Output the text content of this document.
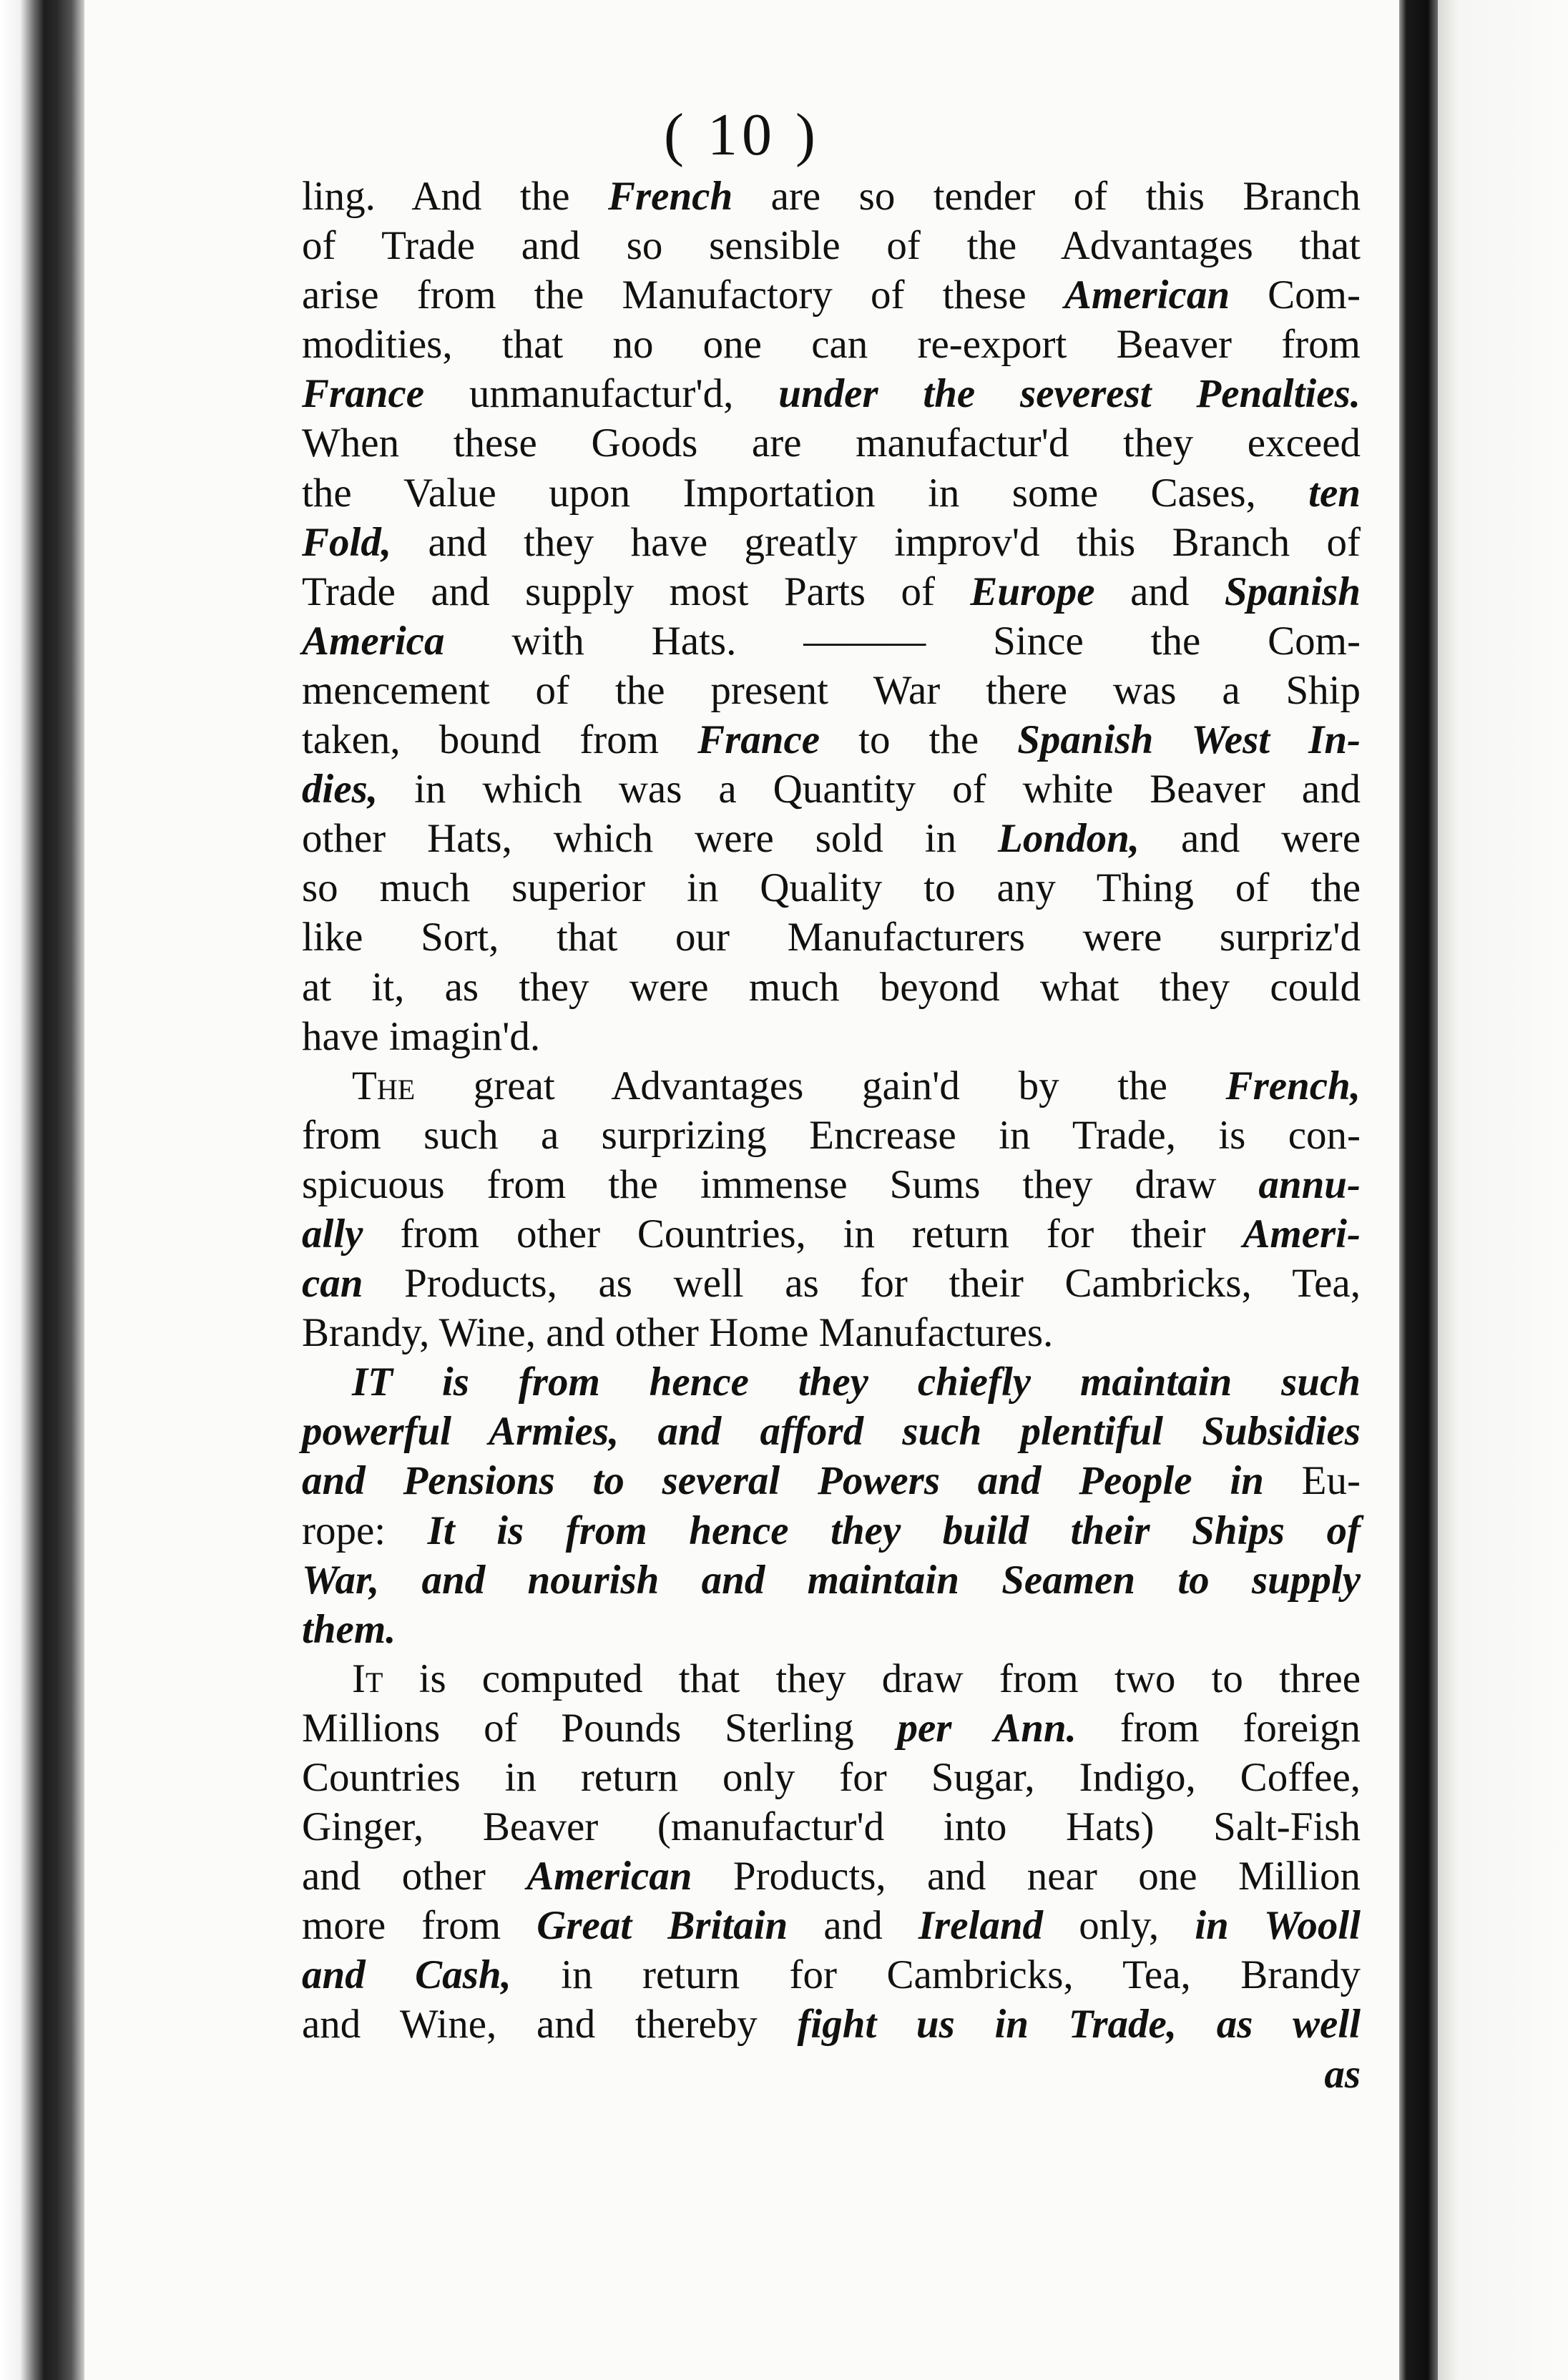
( 10 )
ling. And the French are so tender of this Branch
of Trade and so sensible of the Advantages that
arise from the Manufactory of these American Com-
modities, that no one can re-export Beaver from
France unmanufactur'd, under the severest Penalties.
When these Goods are manufactur'd they exceed
the Value upon Importation in some Cases, ten
Fold, and they have greatly improv'd this Branch of
Trade and supply most Parts of Europe and Spanish
America with Hats. ——— Since the Com-
mencement of the present War there was a Ship
taken, bound from France to the Spanish West In-
dies, in which was a Quantity of white Beaver and
other Hats, which were sold in London, and were
so much superior in Quality to any Thing of the
like Sort, that our Manufacturers were surpriz'd
at it, as they were much beyond what they could
have imagin'd.
The great Advantages gain'd by the French,
from such a surprizing Encrease in Trade, is con-
spicuous from the immense Sums they draw annu-
ally from other Countries, in return for their Ameri-
can Products, as well as for their Cambricks, Tea,
Brandy, Wine, and other Home Manufactures.
IT is from hence they chiefly maintain such
powerful Armies, and afford such plentiful Subsidies
and Pensions to several Powers and People in Eu-
rope: It is from hence they build their Ships of
War, and nourish and maintain Seamen to supply
them.
It is computed that they draw from two to three
Millions of Pounds Sterling per Ann. from foreign
Countries in return only for Sugar, Indigo, Coffee,
Ginger, Beaver (manufactur'd into Hats) Salt-Fish
and other American Products, and near one Million
more from Great Britain and Ireland only, in Wooll
and Cash, in return for Cambricks, Tea, Brandy
and Wine, and thereby fight us in Trade, as well
as
